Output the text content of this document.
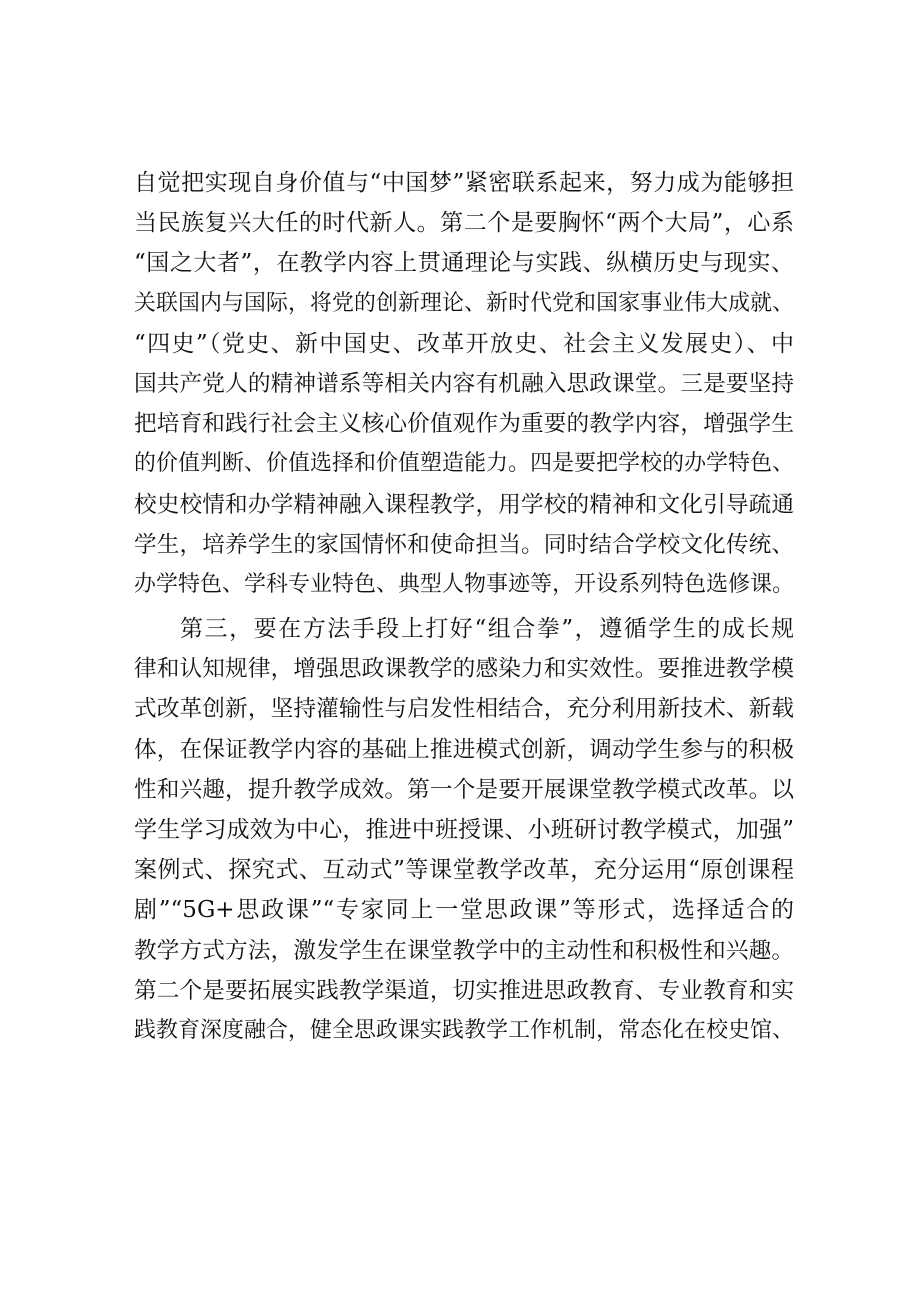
自觉把实现自身价值与“中国梦”紧密联系起来，努力成为能够担
当民族复兴大任的时代新人。第二个是要胸怀“两个大局”，心系
“国之大者”，在教学内容上贯通理论与实践、纵横历史与现实、
关联国内与国际，将党的创新理论、新时代党和国家事业伟大成就、
“四史”（党史、新中国史、改革开放史、社会主义发展史）、中
国共产党人的精神谱系等相关内容有机融入思政课堂。三是要坚持
把培育和践行社会主义核心价值观作为重要的教学内容，增强学生
的价值判断、价值选择和价值塑造能力。四是要把学校的办学特色、
校史校情和办学精神融入课程教学，用学校的精神和文化引导疏通
学生，培养学生的家国情怀和使命担当。同时结合学校文化传统、
办学特色、学科专业特色、典型人物事迹等，开设系列特色选修课。
第三，要在方法手段上打好“组合拳”，遵循学生的成长规
律和认知规律，增强思政课教学的感染力和实效性。要推进教学模
式改革创新，坚持灌输性与启发性相结合，充分利用新技术、新载
体，在保证教学内容的基础上推进模式创新，调动学生参与的积极
性和兴趣，提升教学成效。第一个是要开展课堂教学模式改革。以
学生学习成效为中心，推进中班授课、小班研讨教学模式，加强”
案例式、探究式、互动式”等课堂教学改革，充分运用“原创课程
剧”“5G+思政课”“专家同上一堂思政课”等形式，选择适合的
教学方式方法，激发学生在课堂教学中的主动性和积极性和兴趣。
第二个是要拓展实践教学渠道，切实推进思政教育、专业教育和实
践教育深度融合，健全思政课实践教学工作机制，常态化在校史馆、
